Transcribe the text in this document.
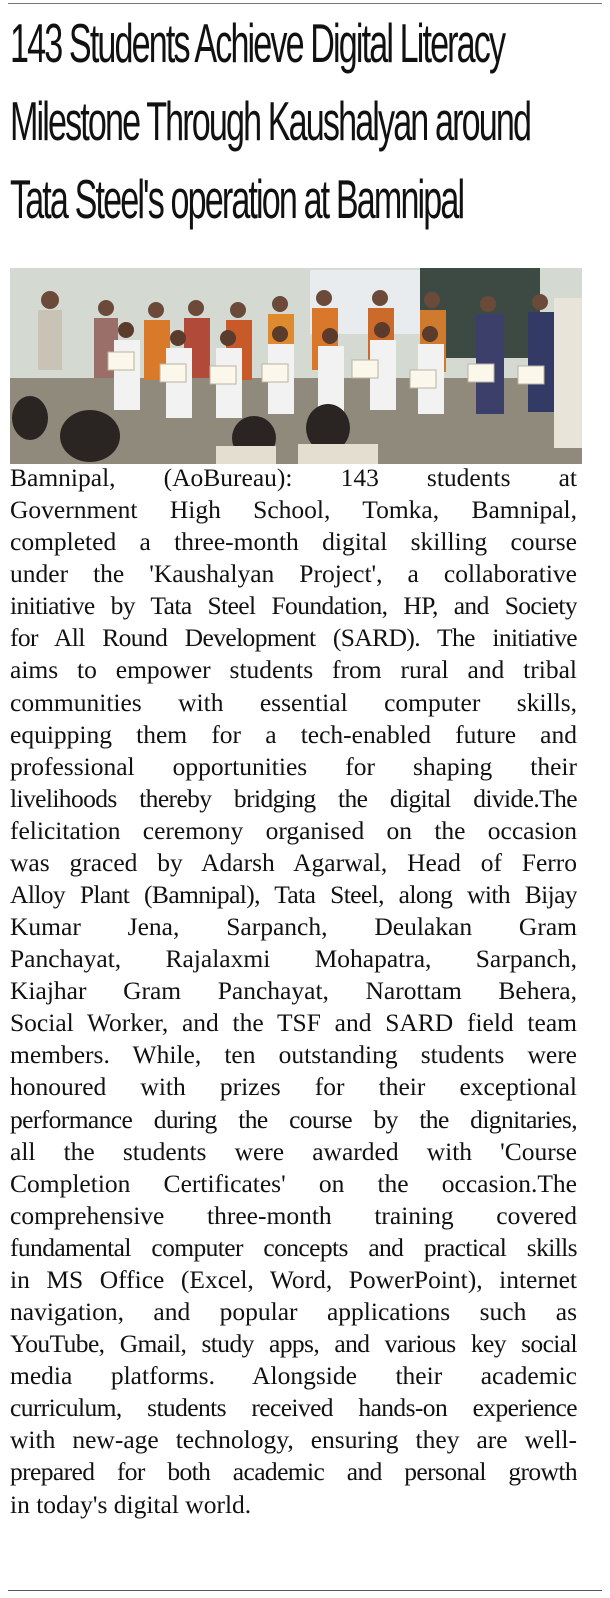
143 Students Achieve Digital Literacy
Milestone Through Kaushalyan around
Tata Steel's operation at Bamnipal
Bamnipal, (AoBureau): 143 students at
Government High School, Tomka, Bamnipal,
completed a three-month digital skilling course
under the 'Kaushalyan Project', a collaborative
initiative by Tata Steel Foundation, HP, and Society
for All Round Development (SARD). The initiative
aims to empower students from rural and tribal
communities with essential computer skills,
equipping them for a tech-enabled future and
professional opportunities for shaping their
livelihoods thereby bridging the digital divide.The
felicitation ceremony organised on the occasion
was graced by Adarsh Agarwal, Head of Ferro
Alloy Plant (Bamnipal), Tata Steel, along with Bijay
Kumar Jena, Sarpanch, Deulakan Gram
Panchayat, Rajalaxmi Mohapatra, Sarpanch,
Kiajhar Gram Panchayat, Narottam Behera,
Social Worker, and the TSF and SARD field team
members. While, ten outstanding students were
honoured with prizes for their exceptional
performance during the course by the dignitaries,
all the students were awarded with 'Course
Completion Certificates' on the occasion.The
comprehensive three-month training covered
fundamental computer concepts and practical skills
in MS Office (Excel, Word, PowerPoint), internet
navigation, and popular applications such as
YouTube, Gmail, study apps, and various key social
media platforms. Alongside their academic
curriculum, students received hands-on experience
with new-age technology, ensuring they are well-
prepared for both academic and personal growth
in today's digital world.
